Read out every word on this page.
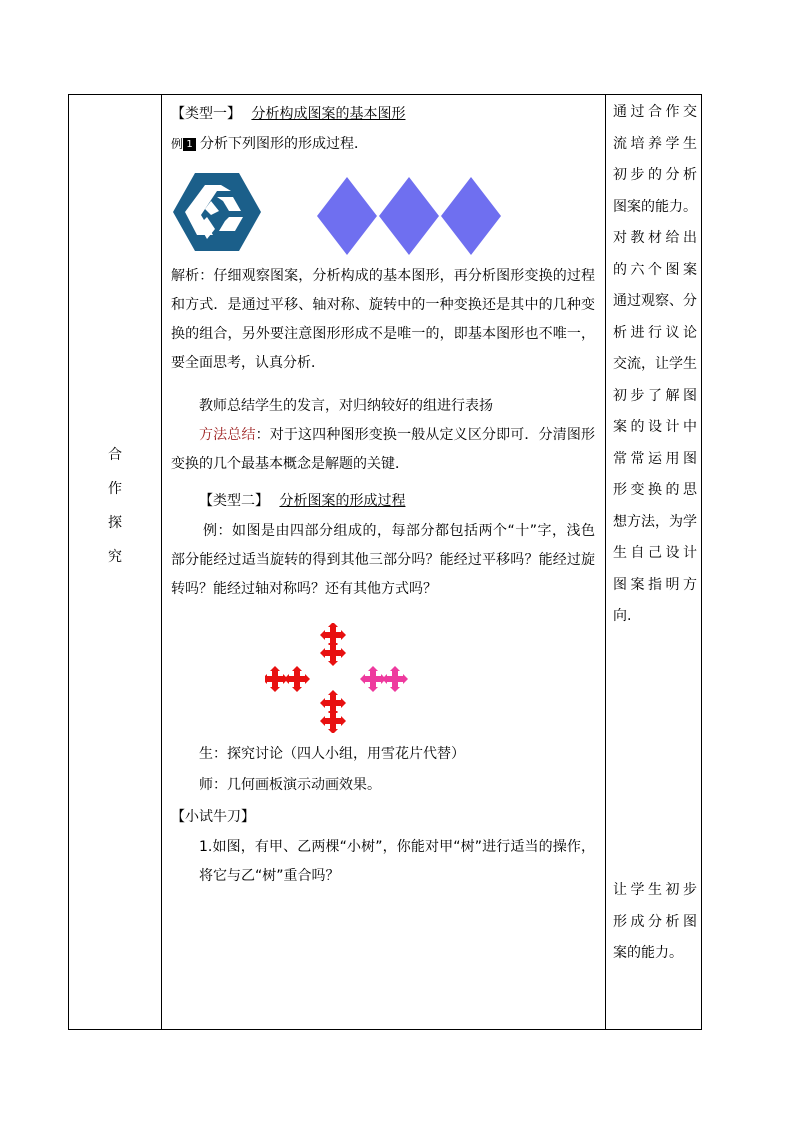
合
作
探
究
【类型一】 分析构成图案的基本图形
例 1 分析下列图形的形成过程．
解析：仔细观察图案，分析构成的基本图形，再分析图形变换的过程和方式．是通过平移、轴对称、旋转中的一种变换还是其中的几种变换的组合，另外要注意图形形成不是唯一的，即基本图形也不唯一，要全面思考，认真分析．
教师总结学生的发言，对归纳较好的组进行表扬
方法总结：对于这四种图形变换一般从定义区分即可．分清图形变换的几个最基本概念是解题的关键．
【类型二】 分析图案的形成过程
例：如图是由四部分组成的，每部分都包括两个“十”字，浅色部分能经过适当旋转的得到其他三部分吗？能经过平移吗？能经过旋转吗？能经过轴对称吗？还有其他方式吗？
生：探究讨论（四人小组，用雪花片代替）
师：几何画板演示动画效果。
【小试牛刀】
1.如图，有甲、乙两棵“小树”，你能对甲“树”进行适当的操作，将它与乙“树”重合吗？
通过合作交
流培养学生
初步的分析
图案的能力。
对教材给出
的六个图案
通过观察、分
析进行议论
交流，让学生
初步了解图
案的设计中
常常运用图
形变换的思
想方法，为学
生自己设计
图案指明方
向.
让学生初步
形成分析图
案的能力。
